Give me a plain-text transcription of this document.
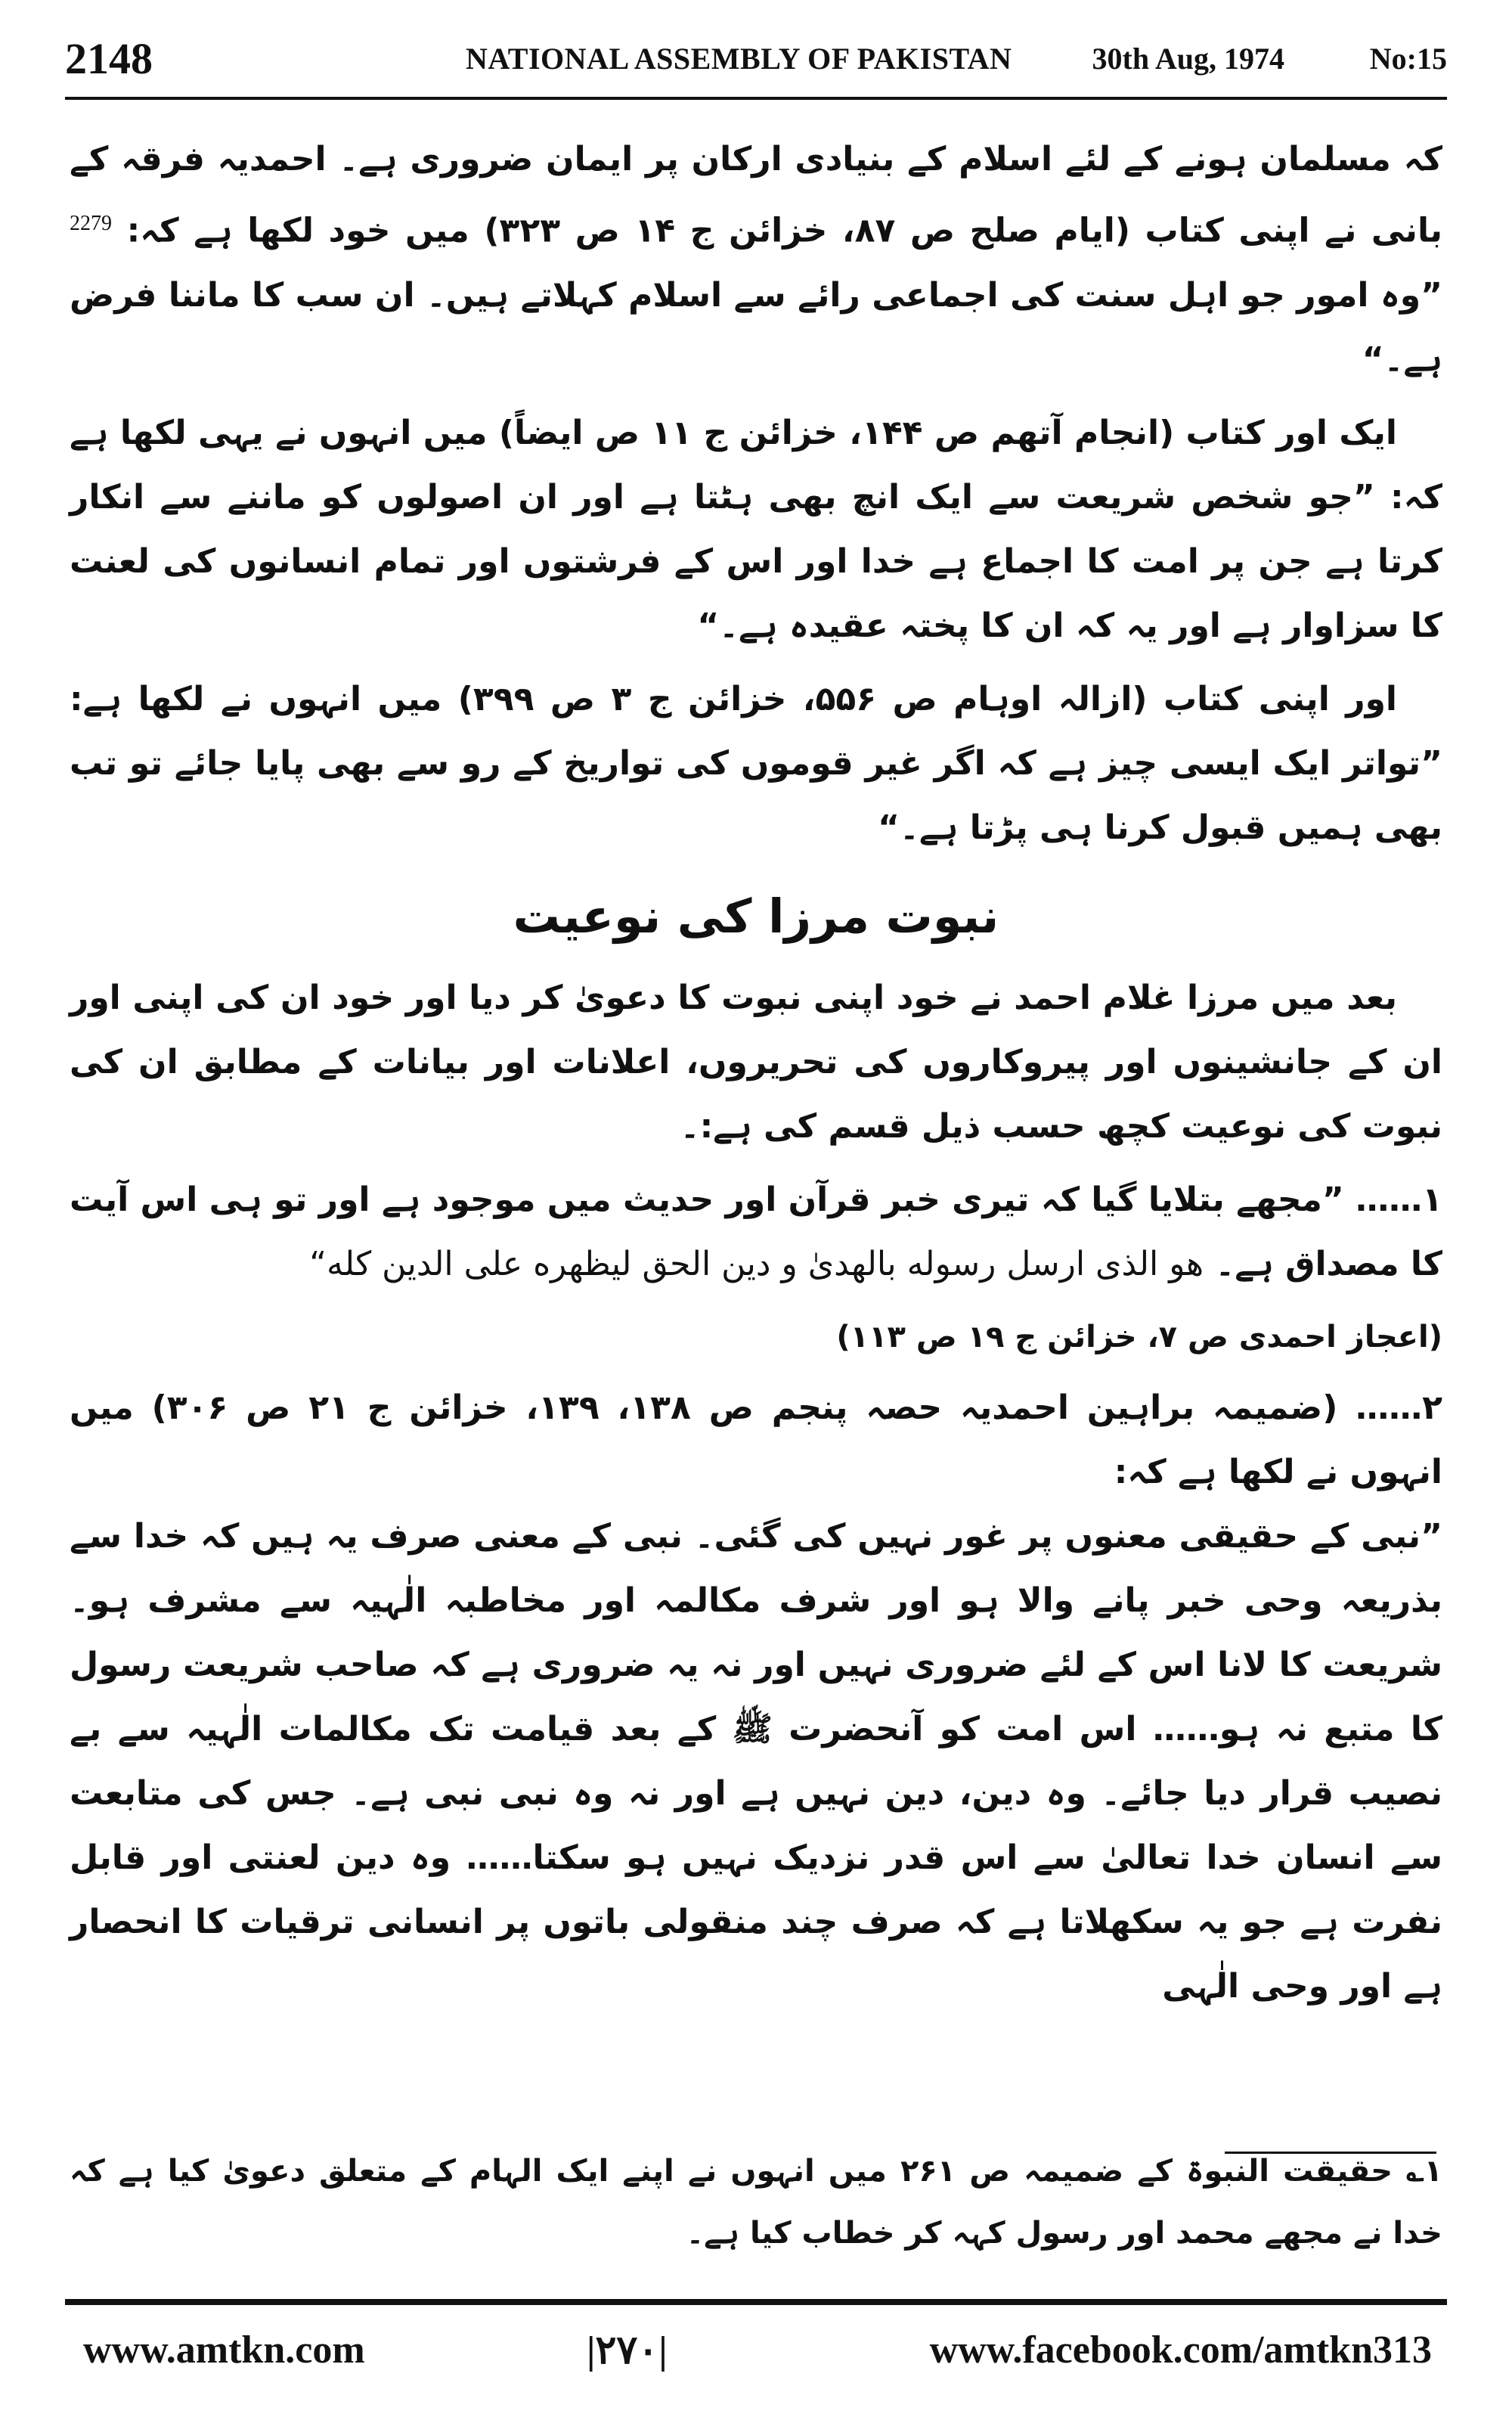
2148	NATIONAL ASSEMBLY OF PAKISTAN	30th Aug, 1974	No:15

کہ مسلمان ہونے کے لئے اسلام کے بنیادی ارکان پر ایمان ضروری ہے۔ احمدیہ فرقہ کے بانی نے اپنی کتاب (ایام صلح ص ۸۷، خزائن ج ۱۴ ص ۳۲۳) میں خود لکھا ہے کہ: $^{2279}$ ”وہ امور جو اہل سنت کی اجماعی رائے سے اسلام کہلاتے ہیں۔ ان سب کا ماننا فرض ہے۔“

ایک اور کتاب (انجام آتھم ص ۱۴۴، خزائن ج ۱۱ ص ایضاً) میں انہوں نے یہی لکھا ہے کہ: ”جو شخص شریعت سے ایک انچ بھی ہٹتا ہے اور ان اصولوں کو ماننے سے انکار کرتا ہے جن پر امت کا اجماع ہے خدا اور اس کے فرشتوں اور تمام انسانوں کی لعنت کا سزاوار ہے اور یہ کہ ان کا پختہ عقیدہ ہے۔“

اور اپنی کتاب (ازالہ اوہام ص ۵۵۶، خزائن ج ۳ ص ۳۹۹) میں انہوں نے لکھا ہے: ”تواتر ایک ایسی چیز ہے کہ اگر غیر قوموں کی تواریخ کے رو سے بھی پایا جائے تو تب بھی ہمیں قبول کرنا ہی پڑتا ہے۔“

نبوت مرزا کی نوعیت

بعد میں مرزا غلام احمد نے خود اپنی نبوت کا دعویٰ کر دیا اور خود ان کی اپنی اور ان کے جانشینوں اور پیروکاروں کی تحریروں، اعلانات اور بیانات کے مطابق ان کی نبوت کی نوعیت کچھ حسب ذیل قسم کی ہے:۔

۱…… ”مجھے بتلایا گیا کہ تیری خبر قرآن اور حدیث میں موجود ہے اور تو ہی اس آیت کا مصداق ہے۔ هو الذی ارسل رسوله بالهدیٰ و دین الحق لیظهره علی الدین کله“

(اعجاز احمدی ص ۷، خزائن ج ۱۹ ص ۱۱۳)

۲…… (ضمیمہ براہین احمدیہ حصہ پنجم ص ۱۳۸، ۱۳۹، خزائن ج ۲۱ ص ۳۰۶) میں انہوں نے لکھا ہے کہ:

”نبی کے حقیقی معنوں پر غور نہیں کی گئی۔ نبی کے معنی صرف یہ ہیں کہ خدا سے بذریعہ وحی خبر پانے والا ہو اور شرف مکالمہ اور مخاطبہ الٰہیہ سے مشرف ہو۔ شریعت کا لانا اس کے لئے ضروری نہیں اور نہ یہ ضروری ہے کہ صاحب شریعت رسول کا متبع نہ ہو…… اس امت کو آنحضرت ﷺ کے بعد قیامت تک مکالمات الٰہیہ سے بے نصیب قرار دیا جائے۔ وہ دین، دین نہیں ہے اور نہ وہ نبی نبی ہے۔ جس کی متابعت سے انسان خدا تعالیٰ سے اس قدر نزدیک نہیں ہو سکتا…… وہ دین لعنتی اور قابل نفرت ہے جو یہ سکھلاتا ہے کہ صرف چند منقولی باتوں پر انسانی ترقیات کا انحصار ہے اور وحی الٰہی

۱؎ حقیقت النبوۃ کے ضمیمہ ص ۲۶۱ میں انہوں نے اپنے ایک الہام کے متعلق دعویٰ کیا ہے کہ خدا نے مجھے محمد اور رسول کہہ کر خطاب کیا ہے۔

www.amtkn.com	|۲۷۰|	www.facebook.com/amtkn313
